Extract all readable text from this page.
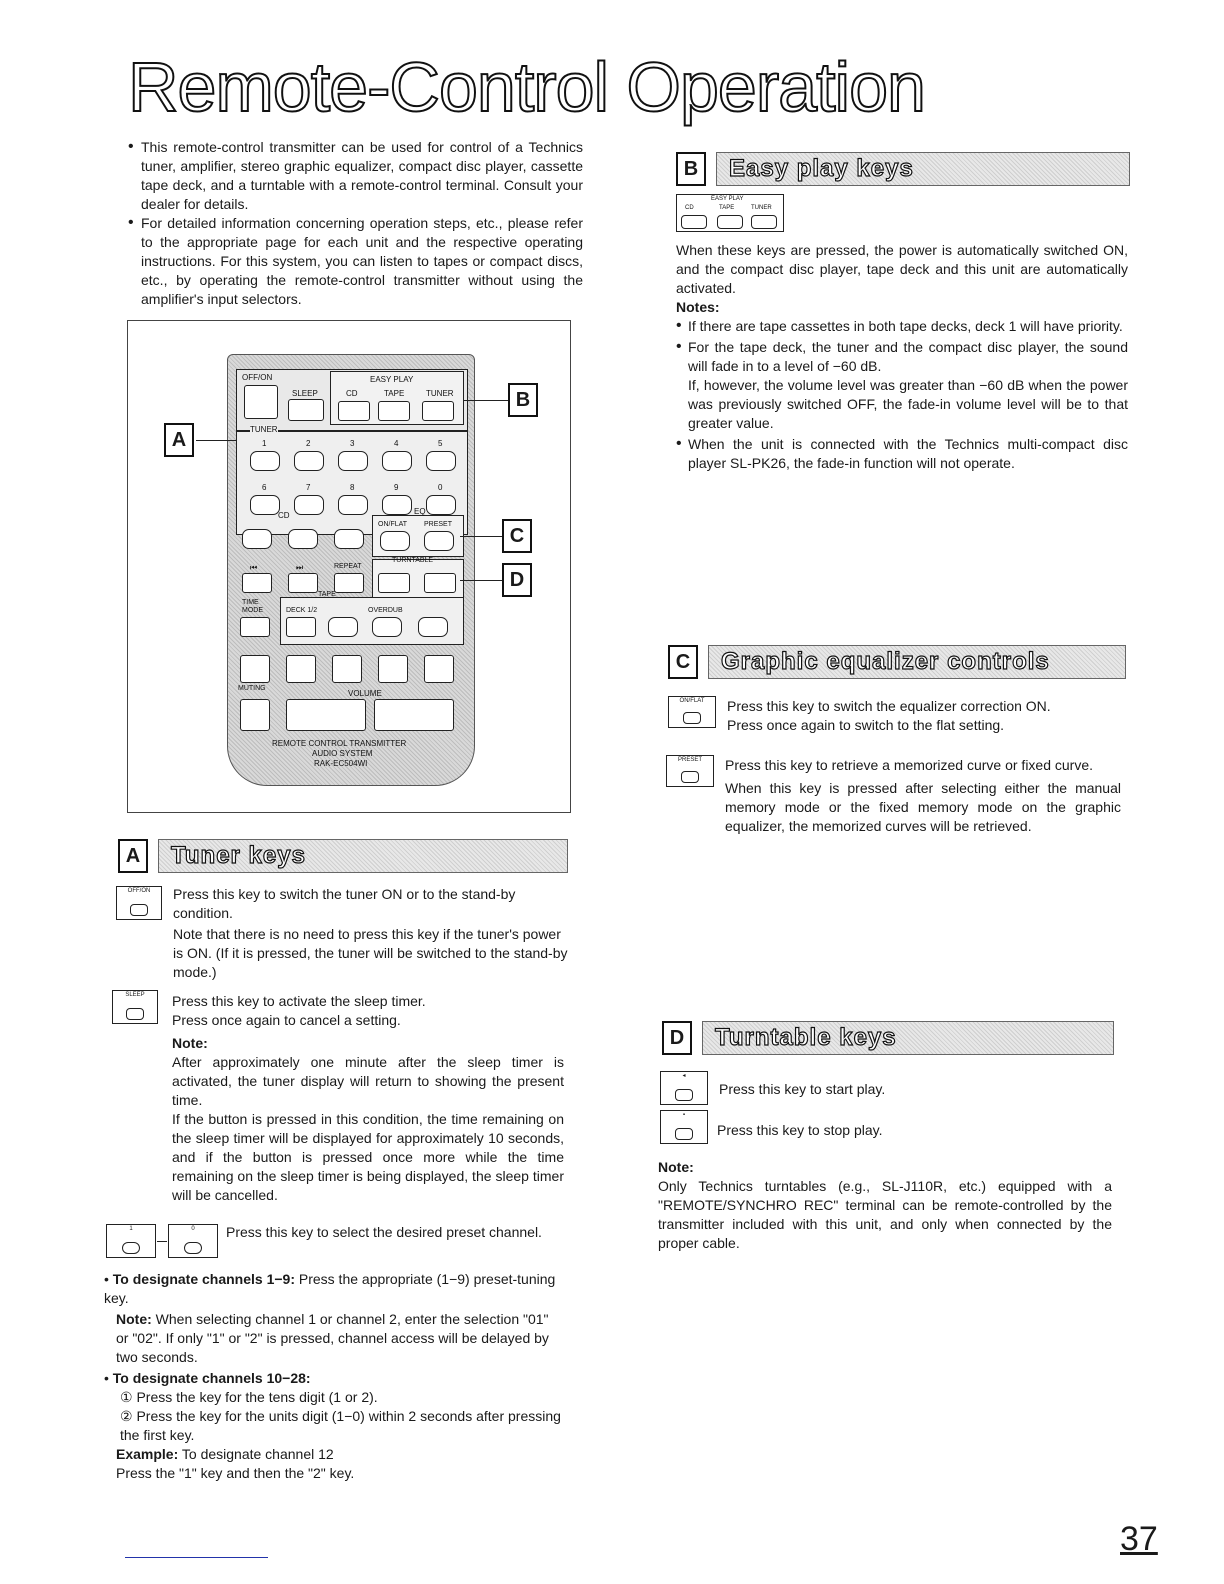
Remote-Control Operation
• This remote-control transmitter can be used for control of a Technics tuner, amplifier, stereo graphic equalizer, compact disc player, cassette tape deck, and a turntable with a remote-control terminal. Consult your dealer for details.

• For detailed information concerning operation steps, etc., please refer to the appropriate page for each unit and the respective operating instructions. For this system, you can listen to tapes or compact discs, etc., by operating the remote-control transmitter without using the amplifier's input selectors.

OFF/ON
SLEEP
EASY PLAY
CD	TAPE	TUNER
TUNER
1	2	3	4	5
6	7	8	9	0
CD	EQ
ON/FLAT PRESET
⏮	⏭	REPEAT
TURNTABLE
TIME MODE
TAPE
DECK 1/2	OVERDUB
MUTING
VOLUME
REMOTE CONTROL TRANSMITTER
AUDIO SYSTEM
RAK-EC504WI
A
B
C
D
A	Tuner keys
OFF/ON	Press this key to switch the tuner ON or to the stand-by condition.

Note that there is no need to press this key if the tuner's power is ON. (If it is pressed, the tuner will be switched to the stand-by mode.)

SLEEP	Press this key to activate the sleep timer.

Press once again to cancel a setting.

Note:

After approximately one minute after the sleep timer is activated, the tuner display will return to showing the present time.

If the button is pressed in this condition, the time remaining on the sleep timer will be displayed for approximately 10 seconds, and if the button is pressed once more while the time remaining on the sleep timer is being displayed, the sleep timer will be cancelled.

1	0	Press this key to select the desired preset channel.

• To designate channels 1−9: Press the appropriate (1−9) preset-tuning key.

Note: When selecting channel 1 or channel 2, enter the selection "01" or "02". If only "1" or "2" is pressed, channel access will be delayed by two seconds.

• To designate channels 10−28:

① Press the key for the tens digit (1 or 2).

② Press the key for the units digit (1−0) within 2 seconds after pressing the first key.

Example: To designate channel 12

Press the "1" key and then the "2" key.

B	Easy play keys
EASY PLAY
CD	TAPE	TUNER

When these keys are pressed, the power is automatically switched ON, and the compact disc player, tape deck and this unit are automatically activated.

Notes:

• If there are tape cassettes in both tape decks, deck 1 will have priority.

• For the tape deck, the tuner and the compact disc player, the sound will fade in to a level of −60 dB.

If, however, the volume level was greater than −60 dB when the power was previously switched OFF, the fade-in volume level will be to that greater value.

• When the unit is connected with the Technics multi-compact disc player SL-PK26, the fade-in function will not operate.

C	Graphic equalizer controls
ON/FLAT	Press this key to switch the equalizer correction ON.

Press once again to switch to the flat setting.

PRESET	Press this key to retrieve a memorized curve or fixed curve.

When this key is pressed after selecting either the manual memory mode or the fixed memory mode on the graphic equalizer, the memorized curves will be retrieved.

D	Turntable keys
◂

Press this key to start play.

▪

Press this key to stop play.

Note:

Only Technics turntables (e.g., SL-J110R, etc.) equipped with a "REMOTE/SYNCHRO REC" terminal can be remote-controlled by the transmitter included with this unit, and only when connected by the proper cable.

37
